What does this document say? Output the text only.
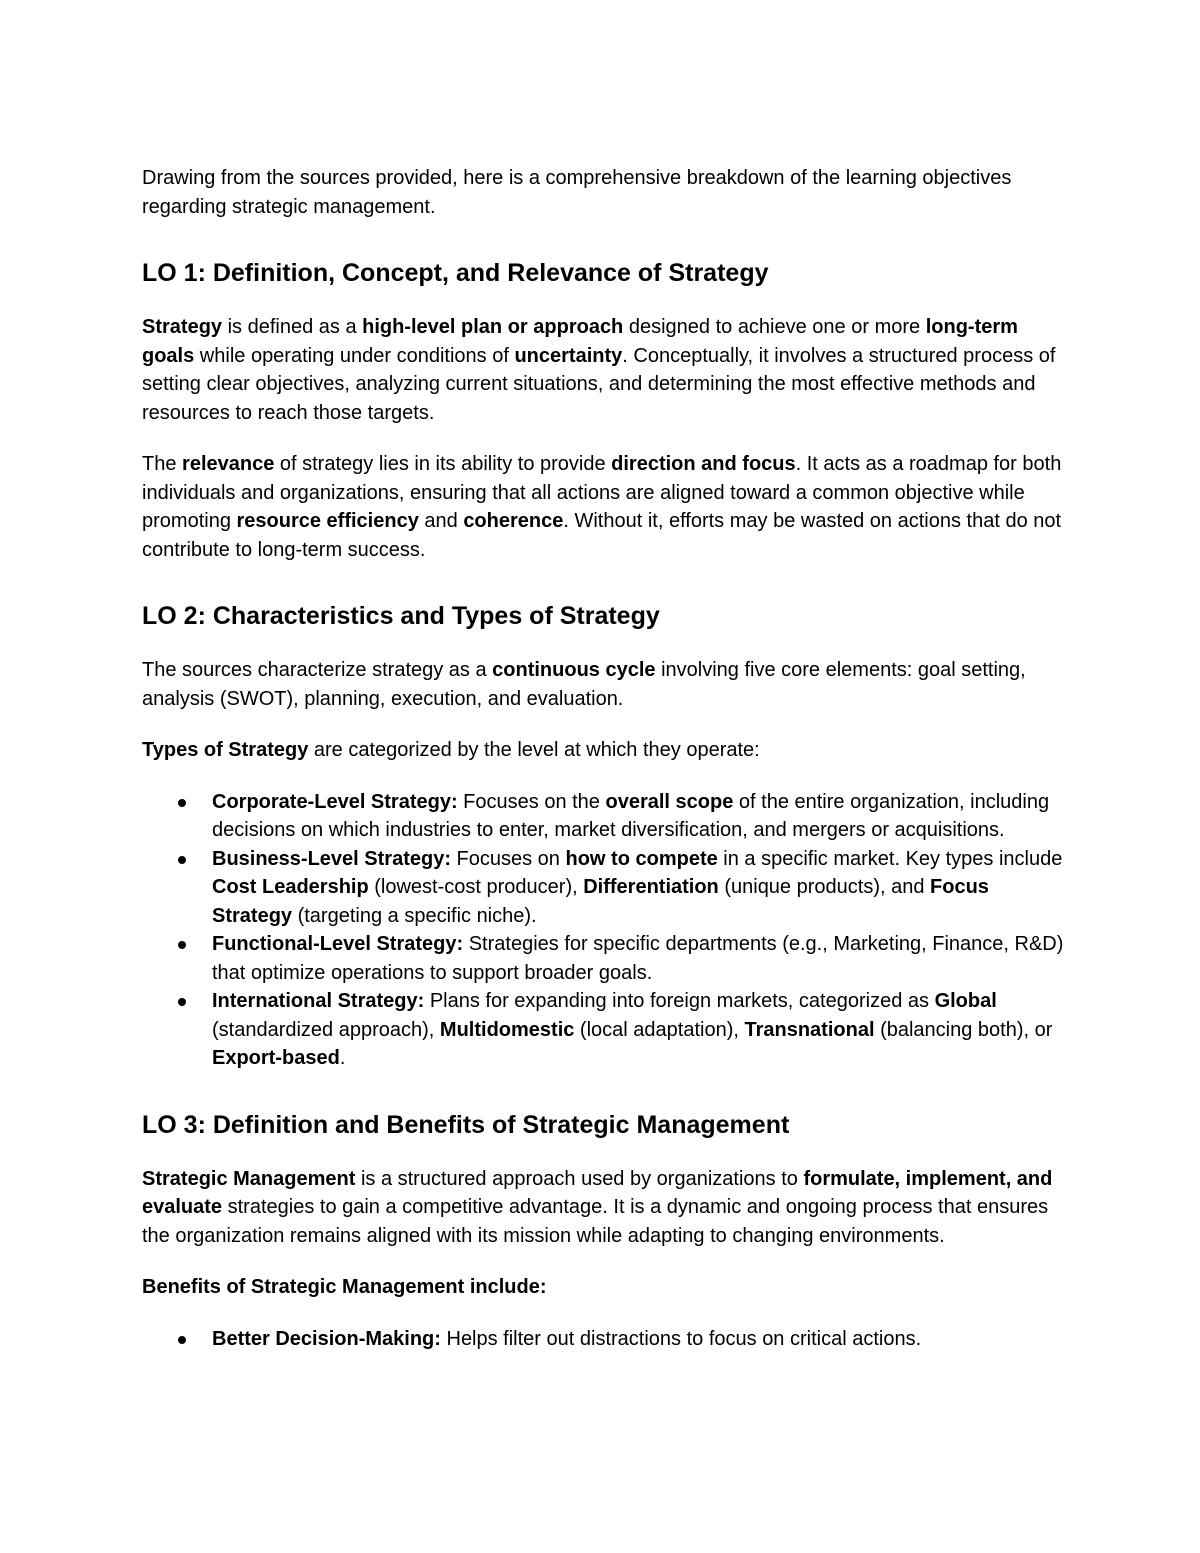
Drawing from the sources provided, here is a comprehensive breakdown of the learning objectives regarding strategic management.

LO 1: Definition, Concept, and Relevance of Strategy

Strategy is defined as a high-level plan or approach designed to achieve one or more long-term goals while operating under conditions of uncertainty. Conceptually, it involves a structured process of setting clear objectives, analyzing current situations, and determining the most effective methods and resources to reach those targets.

The relevance of strategy lies in its ability to provide direction and focus. It acts as a roadmap for both individuals and organizations, ensuring that all actions are aligned toward a common objective while promoting resource efficiency and coherence. Without it, efforts may be wasted on actions that do not contribute to long-term success.

LO 2: Characteristics and Types of Strategy

The sources characterize strategy as a continuous cycle involving five core elements: goal setting, analysis (SWOT), planning, execution, and evaluation.

Types of Strategy are categorized by the level at which they operate:

Corporate-Level Strategy: Focuses on the overall scope of the entire organization, including decisions on which industries to enter, market diversification, and mergers or acquisitions.
Business-Level Strategy: Focuses on how to compete in a specific market. Key types include Cost Leadership (lowest-cost producer), Differentiation (unique products), and Focus Strategy (targeting a specific niche).
Functional-Level Strategy: Strategies for specific departments (e.g., Marketing, Finance, R&D) that optimize operations to support broader goals.
International Strategy: Plans for expanding into foreign markets, categorized as Global (standardized approach), Multidomestic (local adaptation), Transnational (balancing both), or Export-based.
LO 3: Definition and Benefits of Strategic Management

Strategic Management is a structured approach used by organizations to formulate, implement, and evaluate strategies to gain a competitive advantage. It is a dynamic and ongoing process that ensures the organization remains aligned with its mission while adapting to changing environments.

Benefits of Strategic Management include:

Better Decision-Making: Helps filter out distractions to focus on critical actions.
